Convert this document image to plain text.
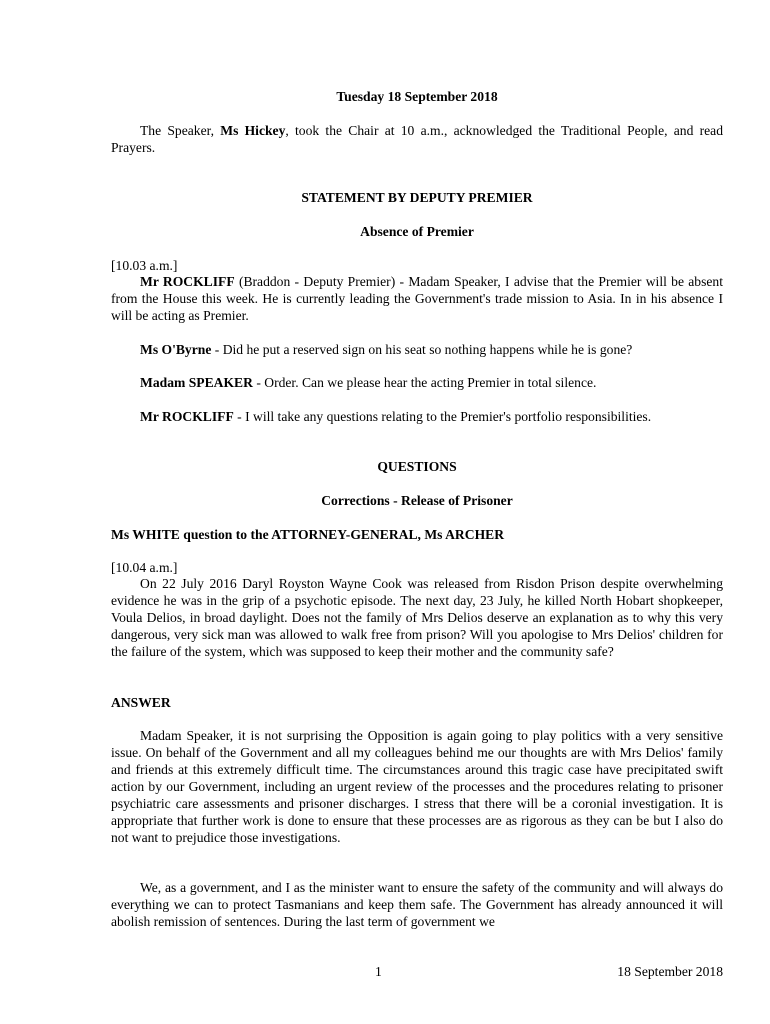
Tuesday 18 September 2018
The Speaker, Ms Hickey, took the Chair at 10 a.m., acknowledged the Traditional People, and read Prayers.
STATEMENT BY DEPUTY PREMIER
Absence of Premier
[10.03 a.m.]
Mr ROCKLIFF (Braddon - Deputy Premier) - Madam Speaker, I advise that the Premier will be absent from the House this week. He is currently leading the Government's trade mission to Asia. In in his absence I will be acting as Premier.
Ms O'Byrne - Did he put a reserved sign on his seat so nothing happens while he is gone?
Madam SPEAKER - Order. Can we please hear the acting Premier in total silence.
Mr ROCKLIFF - I will take any questions relating to the Premier's portfolio responsibilities.
QUESTIONS
Corrections - Release of Prisoner
Ms WHITE question to the ATTORNEY-GENERAL, Ms ARCHER
[10.04 a.m.]
On 22 July 2016 Daryl Royston Wayne Cook was released from Risdon Prison despite overwhelming evidence he was in the grip of a psychotic episode. The next day, 23 July, he killed North Hobart shopkeeper, Voula Delios, in broad daylight. Does not the family of Mrs Delios deserve an explanation as to why this very dangerous, very sick man was allowed to walk free from prison? Will you apologise to Mrs Delios' children for the failure of the system, which was supposed to keep their mother and the community safe?
ANSWER
Madam Speaker, it is not surprising the Opposition is again going to play politics with a very sensitive issue. On behalf of the Government and all my colleagues behind me our thoughts are with Mrs Delios' family and friends at this extremely difficult time. The circumstances around this tragic case have precipitated swift action by our Government, including an urgent review of the processes and the procedures relating to prisoner psychiatric care assessments and prisoner discharges. I stress that there will be a coronial investigation. It is appropriate that further work is done to ensure that these processes are as rigorous as they can be but I also do not want to prejudice those investigations.
We, as a government, and I as the minister want to ensure the safety of the community and will always do everything we can to protect Tasmanians and keep them safe. The Government has already announced it will abolish remission of sentences. During the last term of government we
1	18 September 2018
